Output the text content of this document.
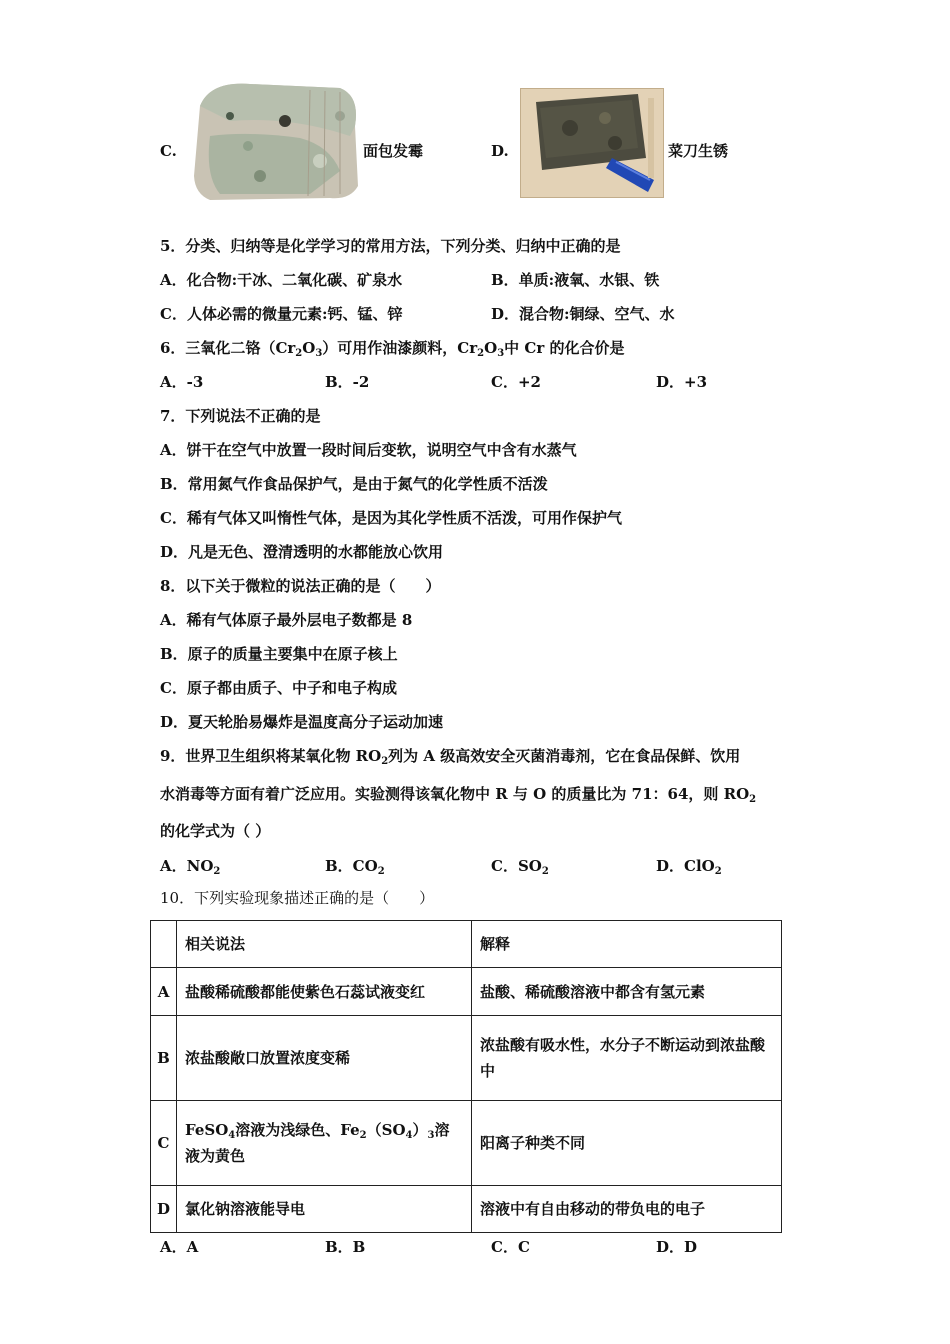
C.	面包发霉	D.	菜刀生锈
5．分类、归纳等是化学学习的常用方法，下列分类、归纳中正确的是
A．化合物:干冰、二氧化碳、矿泉水	B．单质:液氧、水银、铁
C．人体必需的微量元素:钙、锰、锌	D．混合物:铜绿、空气、水
6．三氧化二铬$(Cr_2O_3)$可用作油漆颜料，$Cr_2O_3$中 Cr 的化合价是
A．-3	B．-2	C．+2	D．+3
7．下列说法不正确的是
A．饼干在空气中放置一段时间后变软，说明空气中含有水蒸气
B．常用氮气作食品保护气，是由于氮气的化学性质不活泼
C．稀有气体又叫惰性气体，是因为其化学性质不活泼，可用作保护气
D．凡是无色、澄清透明的水都能放心饮用
8．以下关于微粒的说法正确的是（　　）
A．稀有气体原子最外层电子数都是 8
B．原子的质量主要集中在原子核上
C．原子都由质子、中子和电子构成
D．夏天轮胎易爆炸是温度高分子运动加速
9．世界卫生组织将某氧化物 $RO_2$列为 A 级高效安全灭菌消毒剂，它在食品保鲜、饮用
水消毒等方面有着广泛应用。实验测得该氧化物中 R 与 O 的质量比为 71：64，则 $RO_2$
的化学式为（ ）
A．$NO_2$	B．$CO_2$	C．$SO_2$	D．ClO$_2$
10．下列实验现象描述正确的是（　　）
	相关说法	解释
A	盐酸稀硫酸都能使紫色石蕊试液变红	盐酸、稀硫酸溶液中都含有氢元素
B	浓盐酸敞口放置浓度变稀	浓盐酸有吸水性，水分子不断运动到浓盐酸中
C	FeSO$_4$溶液为浅绿色、$Fe_2(SO_4)_3$溶液为黄色	阳离子种类不同
D	氯化钠溶液能导电	溶液中有自由移动的带负电的电子
A．A	B．B	C．C	D．D
